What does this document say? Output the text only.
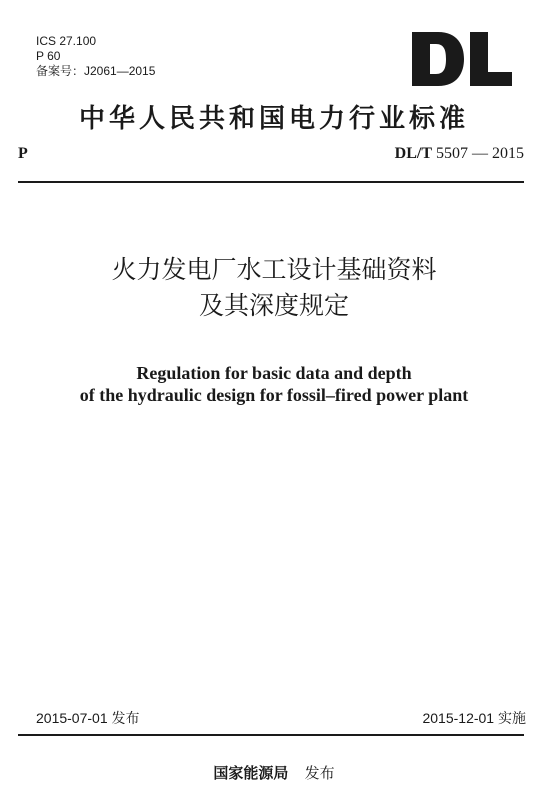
ICS 27.100
P 60
备案号：J2061—2015
中华人民共和国电力行业标准
P	DL/T 5507 — 2015
火力发电厂水工设计基础资料
及其深度规定
Regulation for basic data and depth
of the hydraulic design for fossil–fired power plant
2015-07-01 发布	2015-12-01 实施
国家能源局 发布
